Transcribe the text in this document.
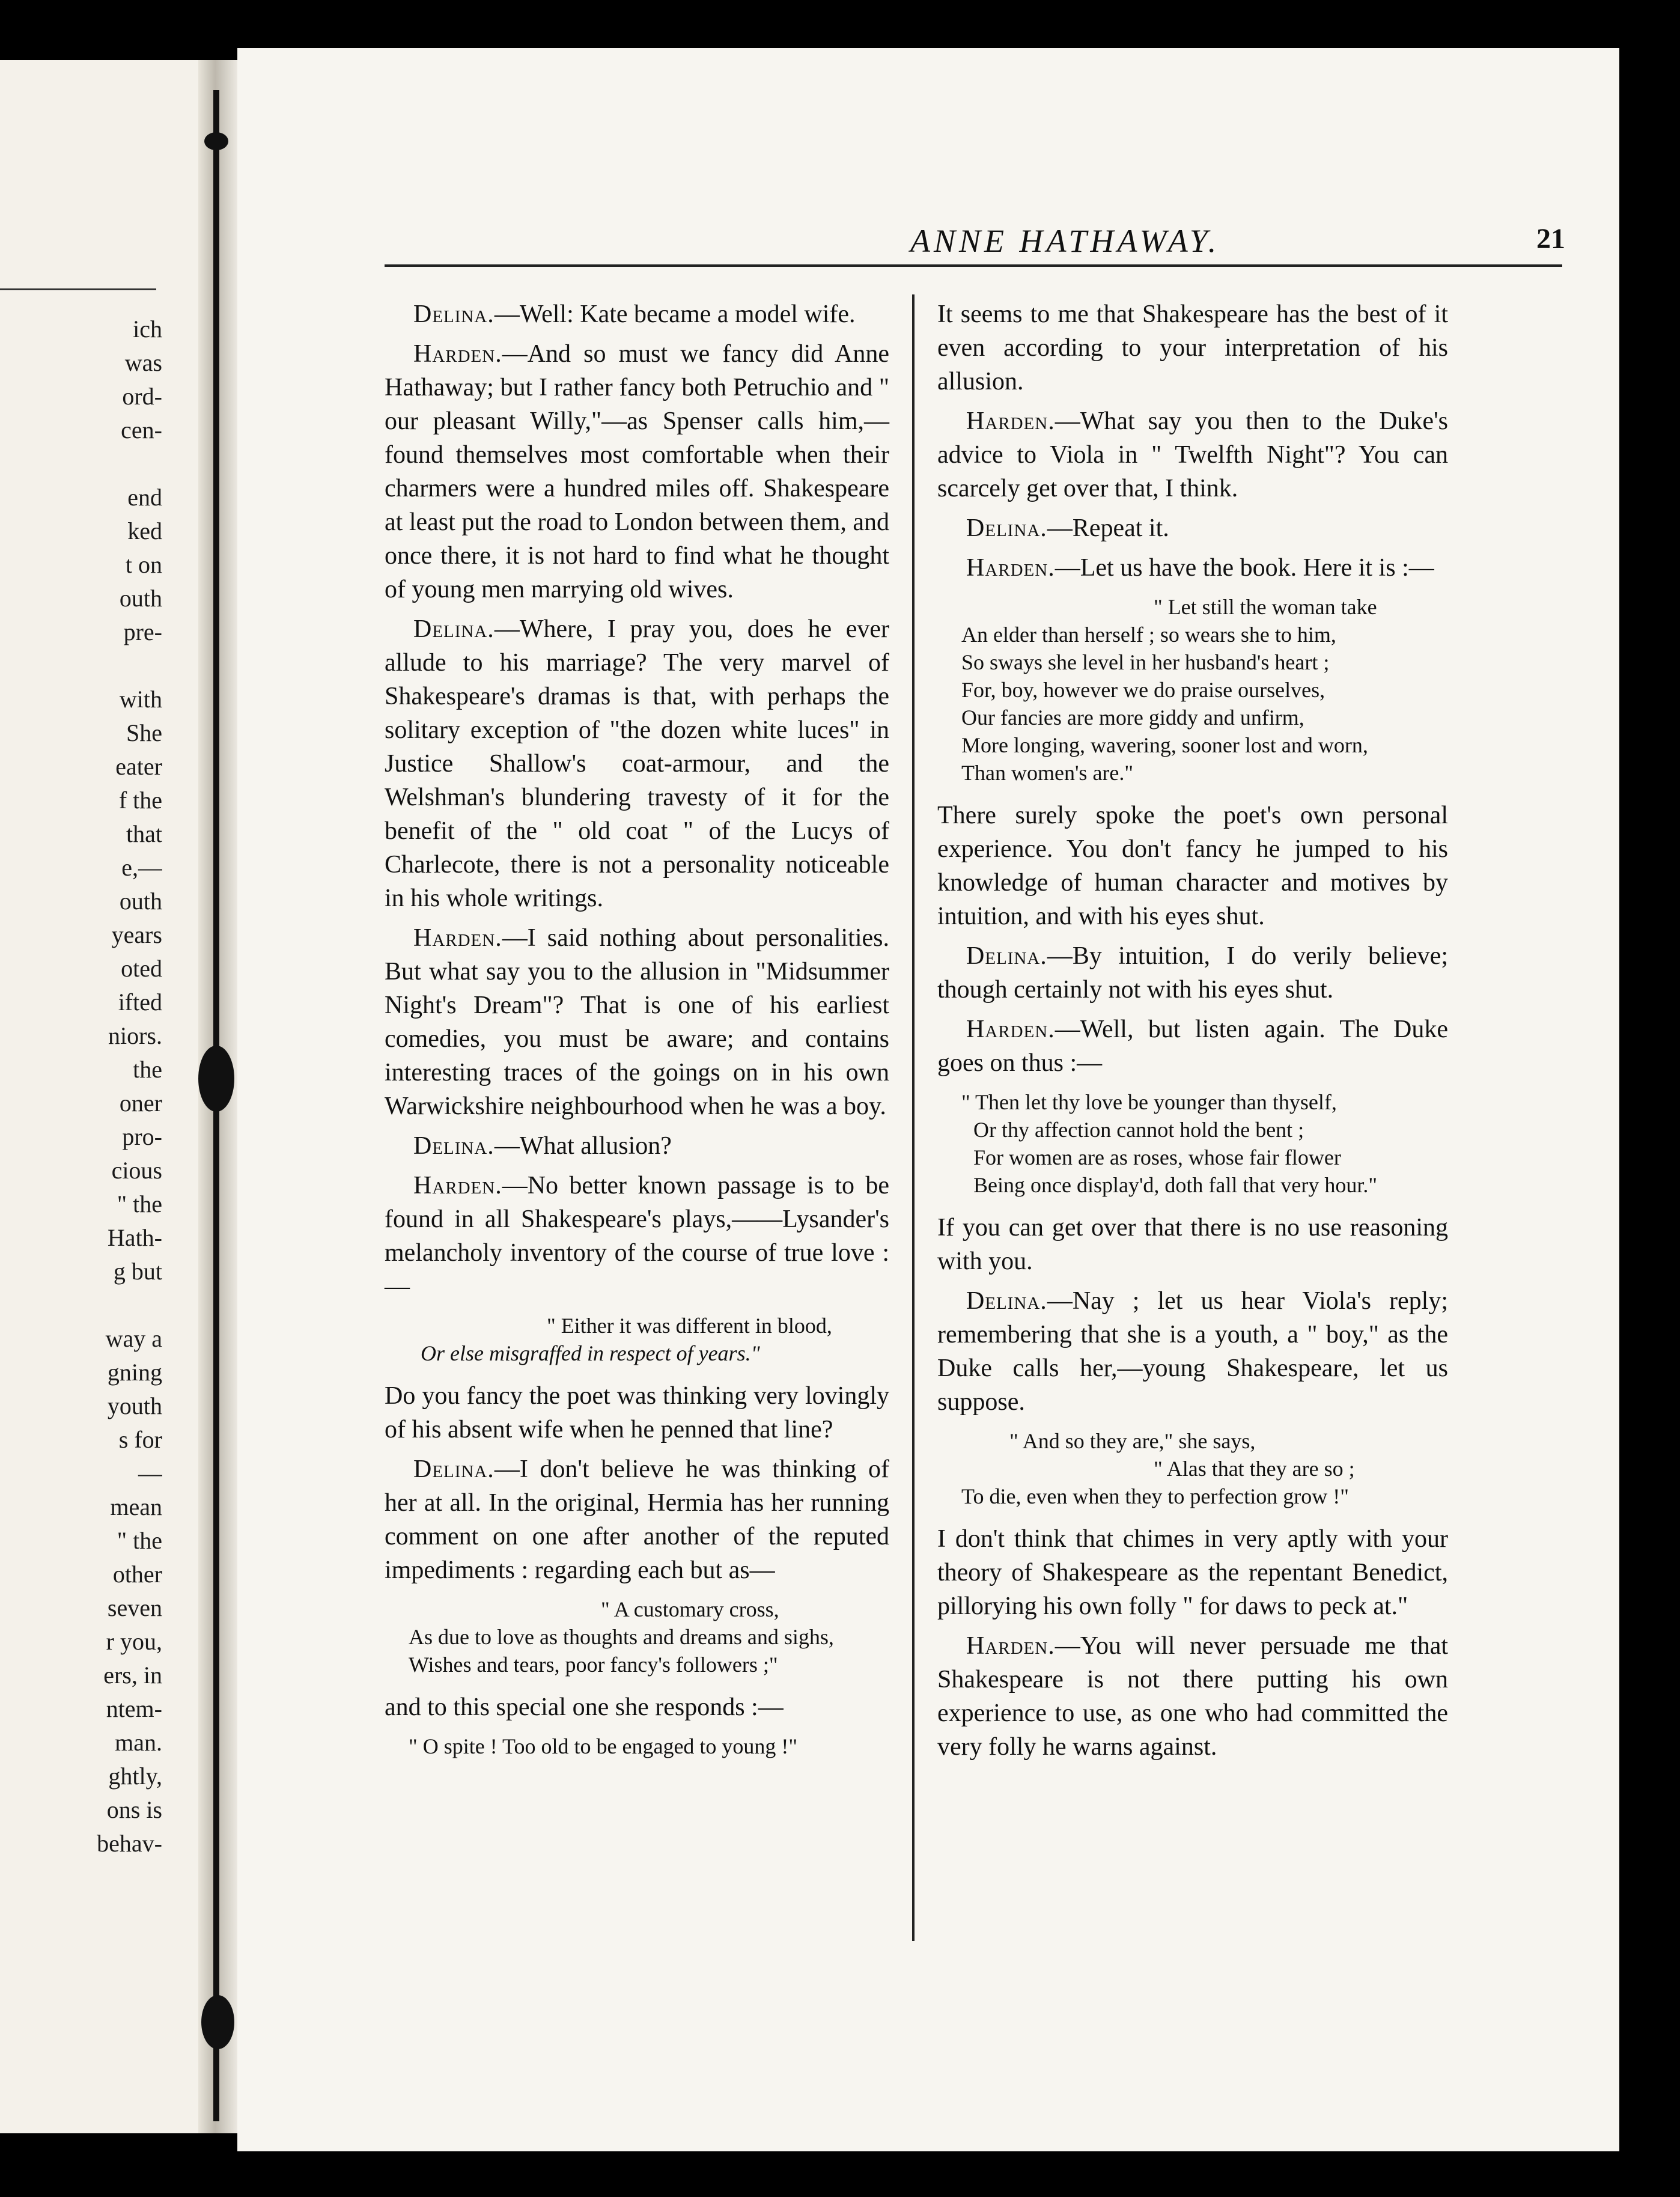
ich
was
ord-
cen-
end
ked
t on
outh
pre-
with
She
eater
f the
that
e,—
outh
years
oted
ifted
niors.
the
oner
pro-
cious
" the
Hath-
g but
way a
gning
youth
s for
—
mean
" the
other
seven
r you,
ers, in
ntem-
man.
ghtly,
ons is
behav-
ANNE HATHAWAY.	21

Delina.—Well: Kate became a model wife.

Harden.—And so must we fancy did Anne Hathaway; but I rather fancy both Petruchio and " our pleasant Willy,"—as Spenser calls him,—found themselves most comfortable when their charmers were a hundred miles off. Shakespeare at least put the road to London between them, and once there, it is not hard to find what he thought of young men marrying old wives.

Delina.—Where, I pray you, does he ever allude to his marriage? The very marvel of Shakespeare's dramas is that, with perhaps the solitary exception of "the dozen white luces" in Justice Shallow's coat-armour, and the Welshman's blundering travesty of it for the benefit of the " old coat " of the Lucys of Charlecote, there is not a personality noticeable in his whole writings.

Harden.—I said nothing about personalities. But what say you to the allusion in "Midsummer Night's Dream"? That is one of his earliest comedies, you must be aware; and contains interesting traces of the goings on in his own Warwickshire neighbourhood when he was a boy.

Delina.—What allusion?

Harden.—No better known passage is to be found in all Shakespeare's plays,——Lysander's melancholy inventory of the course of true love :—

" Either it was different in blood,
Or else misgraffed in respect of years."

Do you fancy the poet was thinking very lovingly of his absent wife when he penned that line?

Delina.—I don't believe he was thinking of her at all. In the original, Hermia has her running comment on one after another of the reputed impediments : regarding each but as—

" A customary cross,
As due to love as thoughts and dreams and sighs,
Wishes and tears, poor fancy's followers ;"

and to this special one she responds :—

" O spite ! Too old to be engaged to young !"

It seems to me that Shakespeare has the best of it even according to your interpretation of his allusion.

Harden.—What say you then to the Duke's advice to Viola in " Twelfth Night"? You can scarcely get over that, I think.

Delina.—Repeat it.

Harden.—Let us have the book. Here it is :—

" Let still the woman take
An elder than herself ; so wears she to him,
So sways she level in her husband's heart ;
For, boy, however we do praise ourselves,
Our fancies are more giddy and unfirm,
More longing, wavering, sooner lost and worn,
Than women's are."

There surely spoke the poet's own personal experience. You don't fancy he jumped to his knowledge of human character and motives by intuition, and with his eyes shut.

Delina.—By intuition, I do verily believe; though certainly not with his eyes shut.

Harden.—Well, but listen again. The Duke goes on thus :—

" Then let thy love be younger than thyself,
Or thy affection cannot hold the bent ;
For women are as roses, whose fair flower
Being once display'd, doth fall that very hour."

If you can get over that there is no use reasoning with you.

Delina.—Nay ; let us hear Viola's reply; remembering that she is a youth, a " boy," as the Duke calls her,—young Shakespeare, let us suppose.

" And so they are," she says,
" Alas that they are so ;
To die, even when they to perfection grow !"

I don't think that chimes in very aptly with your theory of Shakespeare as the repentant Benedict, pillorying his own folly " for daws to peck at."

Harden.—You will never persuade me that Shakespeare is not there putting his own experience to use, as one who had committed the very folly he warns against.
